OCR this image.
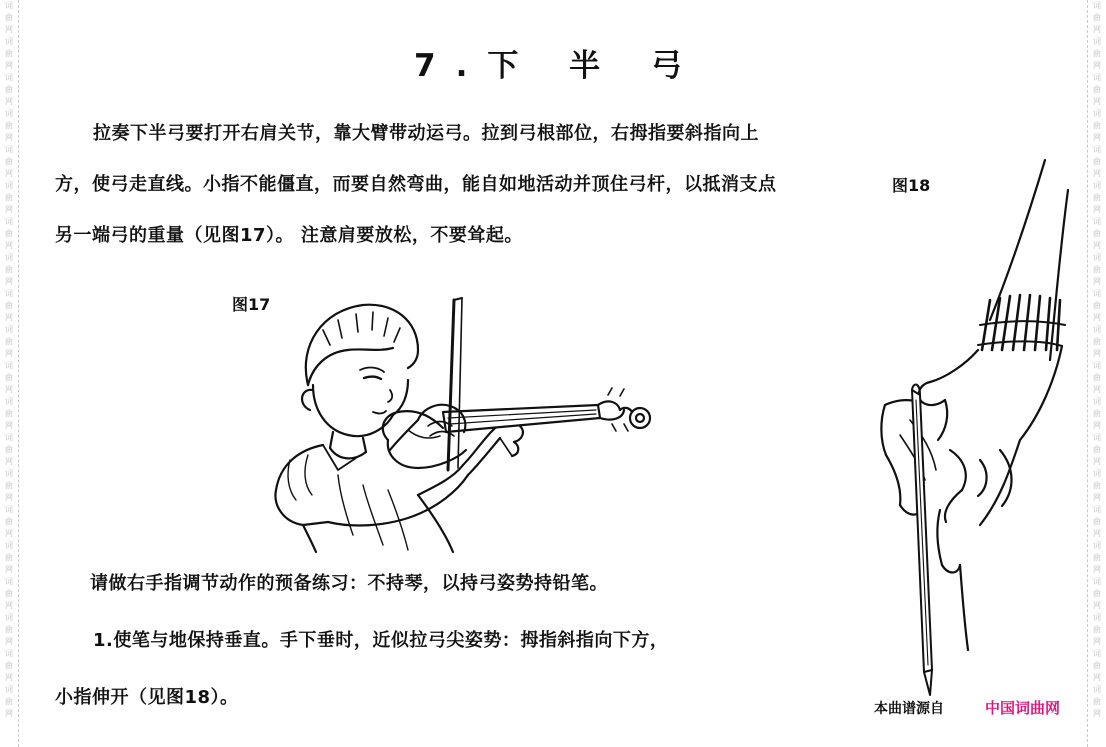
词曲网词曲网词曲网词曲网词曲网词曲网词曲网词曲网词曲网词曲网词曲网词曲网词曲网词曲网词曲网词曲网词曲网词曲网词曲网词曲网
词曲网词曲网词曲网词曲网词曲网词曲网词曲网词曲网词曲网词曲网词曲网词曲网词曲网词曲网词曲网词曲网词曲网词曲网词曲网词曲网
7.下 半 弓

拉奏下半弓要打开右肩关节，靠大臂带动运弓。拉到弓根部位，右拇指要斜指向上方，使弓走直线。小指不能僵直，而要自然弯曲，能自如地活动并顶住弓杆，以抵消支点另一端弓的重量（见图17）。 注意肩要放松，不要耸起。

图17
图18

请做右手指调节动作的预备练习：不持琴，以持弓姿势持铅笔。

1.使笔与地保持垂直。手下垂时，近似拉弓尖姿势：拇指斜指向下方，
小指伸开（见图18）。

本曲谱源自	中国词曲网
